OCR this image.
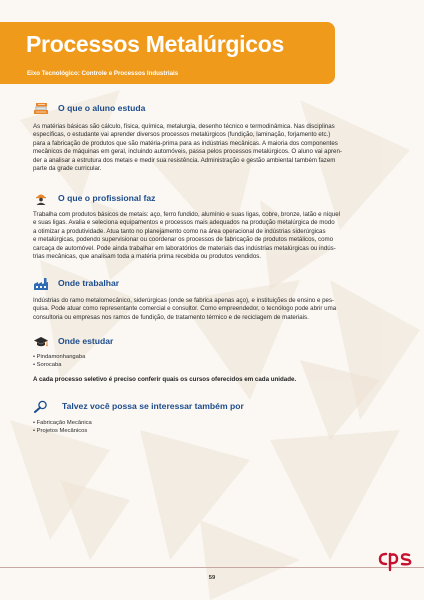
Processos Metalúrgicos
Eixo Tecnológico: Controle e Processos Industriais
O que o aluno estuda

As matérias básicas são cálculo, física, química, metalurgia, desenho técnico e termodinâmica. Nas disciplinas
específicas, o estudante vai aprender diversos processos metalúrgicos (fundição, laminação, forjamento etc.)
para a fabricação de produtos que são matéria-prima para as indústrias mecânicas. A maioria dos componentes
mecânicos de máquinas em geral, incluindo automóveis, passa pelos processos metalúrgicos. O aluno vai apren-
der a analisar a estrutura dos metais e medir sua resistência. Administração e gestão ambiental também fazem
parte da grade curricular.

O que o profissional faz

Trabalha com produtos básicos de metais: aço, ferro fundido, alumínio e suas ligas, cobre, bronze, latão e níquel
e suas ligas. Avalia e seleciona equipamentos e processos mais adequados na produção metalúrgica de modo
a otimizar a produtividade. Atua tanto no planejamento como na área operacional de indústrias siderúrgicas
e metalúrgicas, podendo supervisionar ou coordenar os processos de fabricação de produtos metálicos, como
carcaça de automóvel. Pode ainda trabalhar em laboratórios de materiais das indústrias metalúrgicas ou indús-
trias mecânicas, que analisam toda a matéria prima recebida ou produtos vendidos.

Onde trabalhar

Indústrias do ramo metalomecânico, siderúrgicas (onde se fabrica apenas aço), e instituições de ensino e pes-
quisa. Pode atuar como representante comercial e consultor. Como empreendedor, o tecnólogo pode abrir uma
consultoria ou empresas nos ramos de fundição, de tratamento térmico e de reciclagem de materiais.

Onde estudar
• Pindamonhangaba
• Sorocaba
A cada processo seletivo é preciso conferir quais os cursos oferecidos em cada unidade.
Talvez você possa se interessar também por
• Fabricação Mecânica
• Projetos Mecânicos
59
